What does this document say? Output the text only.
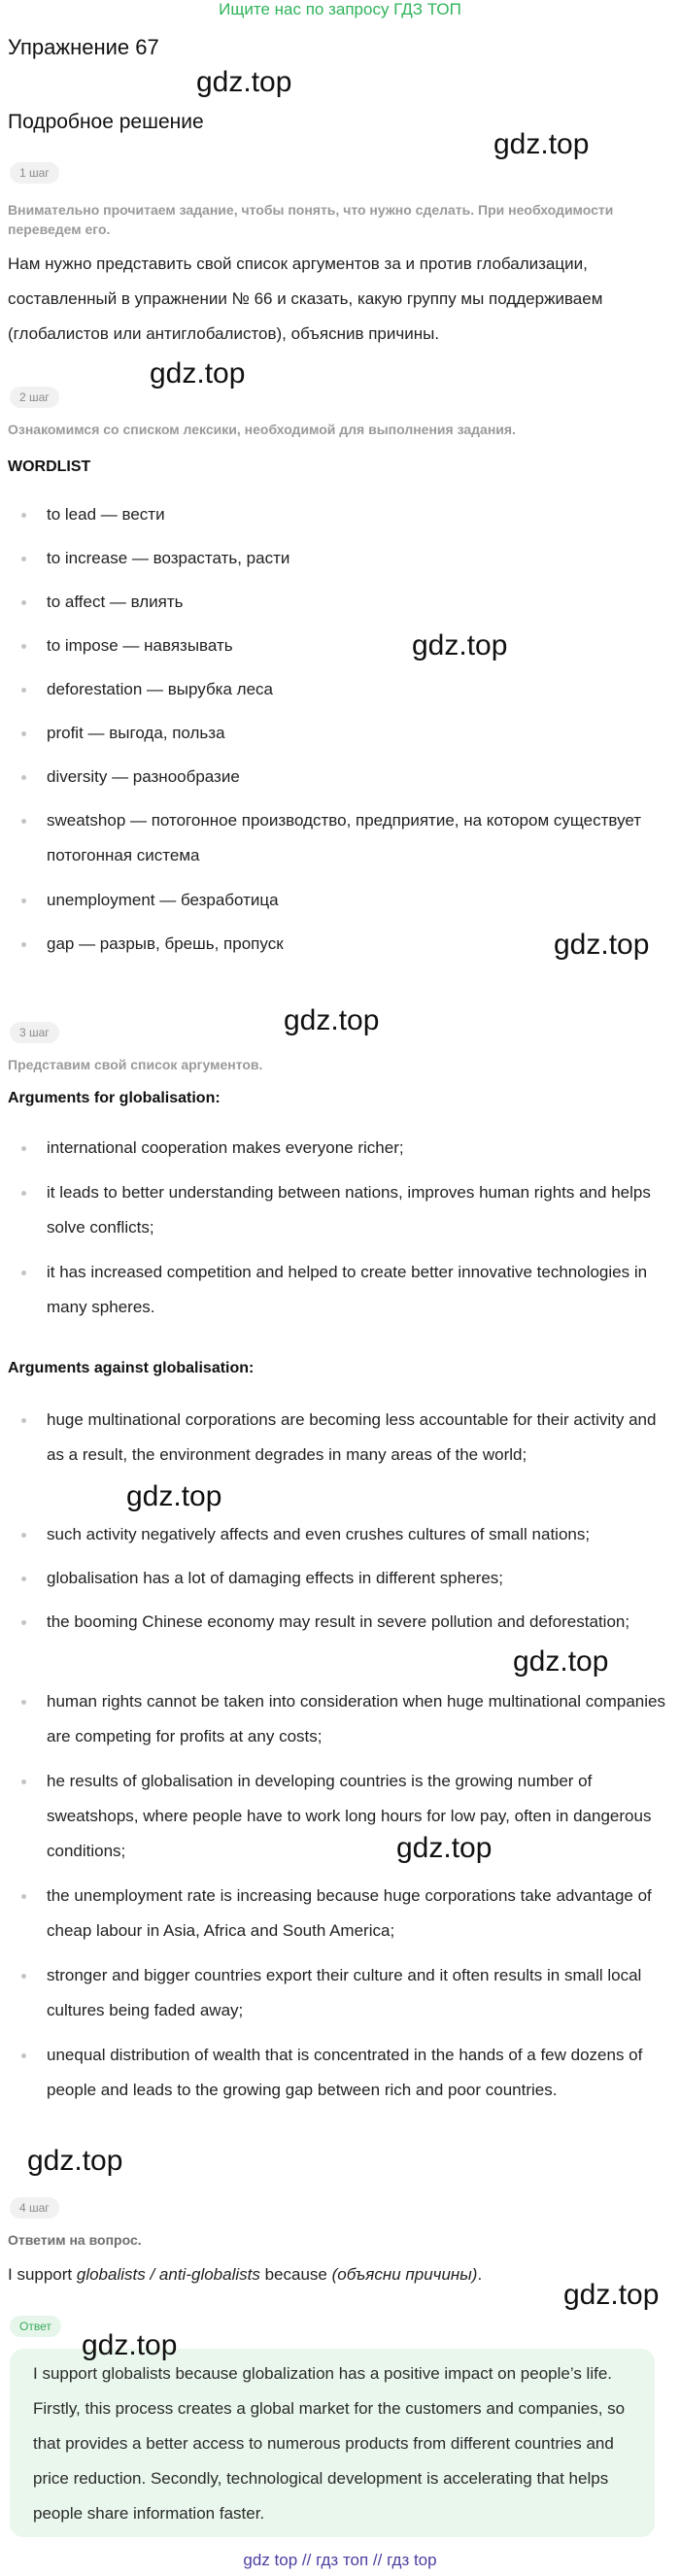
Ищите нас по запросу ГДЗ ТОП
Упражнение 67
gdz.top
Подробное решение
gdz.top
1 шаг
Внимательно прочитаем задание, чтобы понять, что нужно сделать. При необходимости переведем его.
Нам нужно представить свой список аргументов за и против глобализации, составленный в упражнении № 66 и сказать, какую группу мы поддерживаем (глобалистов или антиглобалистов), объяснив причины.
gdz.top
2 шаг
Ознакомимся со списком лексики, необходимой для выполнения задания.
WORDLIST
to lead — вести
to increase — возрастать, расти
to affect — влиять
to impose — навязывать	gdz.top
deforestation — вырубка леса
profit — выгода, польза
diversity — разнообразие
sweatshop — потогонное производство, предприятие, на котором существует потогонная система
unemployment — безработица
gap — разрыв, брешь, пропуск	gdz.top
gdz.top
3 шаг
Представим свой список аргументов.
Arguments for globalisation:
international cooperation makes everyone richer;
it leads to better understanding between nations, improves human rights and helps solve conflicts;
it has increased competition and helped to create better innovative technologies in many spheres.
Arguments against globalisation:
huge multinational corporations are becoming less accountable for their activity and as a result, the environment degrades in many areas of the world;
gdz.top
such activity negatively affects and even crushes cultures of small nations;
globalisation has a lot of damaging effects in different spheres;
the booming Chinese economy may result in severe pollution and deforestation;
gdz.top
human rights cannot be taken into consideration when huge multinational companies are competing for profits at any costs;
he results of globalisation in developing countries is the growing number of sweatshops, where people have to work long hours for low pay, often in dangerous conditions;	gdz.top
the unemployment rate is increasing because huge corporations take advantage of cheap labour in Asia, Africa and South America;
stronger and bigger countries export their culture and it often results in small local cultures being faded away;
unequal distribution of wealth that is concentrated in the hands of a few dozens of people and leads to the growing gap between rich and poor countries.
gdz.top
4 шаг
Ответим на вопрос.
I support globalists / anti-globalists because (объясни причины).
gdz.top
Ответ
gdz.top
I support globalists because globalization has a positive impact on people’s life. Firstly, this process creates a global market for the customers and companies, so that provides a better access to numerous products from different countries and price reduction. Secondly, technological development is accelerating that helps people share information faster.
gdz top // гдз топ // гдз top
